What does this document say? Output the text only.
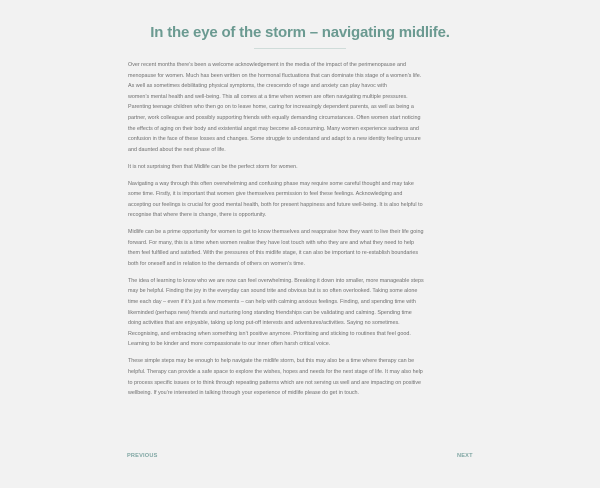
In the eye of the storm – navigating midlife.

Over recent months there’s been a welcome acknowledgement in the media of the impact of the perimenopause and
menopause for women. Much has been written on the hormonal fluctuations that can dominate this stage of a women’s life.
As well as sometimes debilitating physical symptoms, the crescendo of rage and anxiety can play havoc with
women’s mental health and well-being. This all comes at a time when women are often navigating multiple pressures.
Parenting teenage children who then go on to leave home, caring for increasingly dependent parents, as well as being a
partner, work colleague and possibly supporting friends with equally demanding circumstances. Often women start noticing
the effects of aging on their body and existential angst may become all-consuming. Many women experience sadness and
confusion in the face of these losses and changes. Some struggle to understand and adapt to a new identity feeling unsure
and daunted about the next phase of life.

It is not surprising then that Midlife can be the perfect storm for women.

Navigating a way through this often overwhelming and confusing phase may require some careful thought and may take
some time. Firstly, it is important that women give themselves permission to feel these feelings. Acknowledging and
accepting our feelings is crucial for good mental health, both for present happiness and future well-being. It is also helpful to
recognise that where there is change, there is opportunity.

Midlife can be a prime opportunity for women to get to know themselves and reappraise how they want to live their life going
forward. For many, this is a time when women realise they have lost touch with who they are and what they need to help
them feel fulfilled and satisfied. With the pressures of this midlife stage, it can also be important to re-establish boundaries
both for oneself and in relation to the demands of others on women’s time.

The idea of learning to know who we are now can feel overwhelming. Breaking it down into smaller, more manageable steps
may be helpful. Finding the joy in the everyday can sound trite and obvious but is so often overlooked. Taking some alone
time each day – even if it’s just a few moments – can help with calming anxious feelings. Finding, and spending time with
likeminded (perhaps new) friends and nurturing long standing friendships can be validating and calming. Spending time
doing activities that are enjoyable, taking up long put-off interests and adventures/activities. Saying no sometimes.
Recognising, and embracing when something isn’t positive anymore. Prioritising and sticking to routines that feel good.
Learning to be kinder and more compassionate to our inner often harsh critical voice.

These simple steps may be enough to help navigate the midlife storm, but this may also be a time where therapy can be
helpful. Therapy can provide a safe space to explore the wishes, hopes and needs for the next stage of life. It may also help
to process specific issues or to think through repeating patterns which are not serving us well and are impacting on positive
wellbeing. If you’re interested in talking through your experience of midlife please do get in touch.

PREVIOUS	NEXT
